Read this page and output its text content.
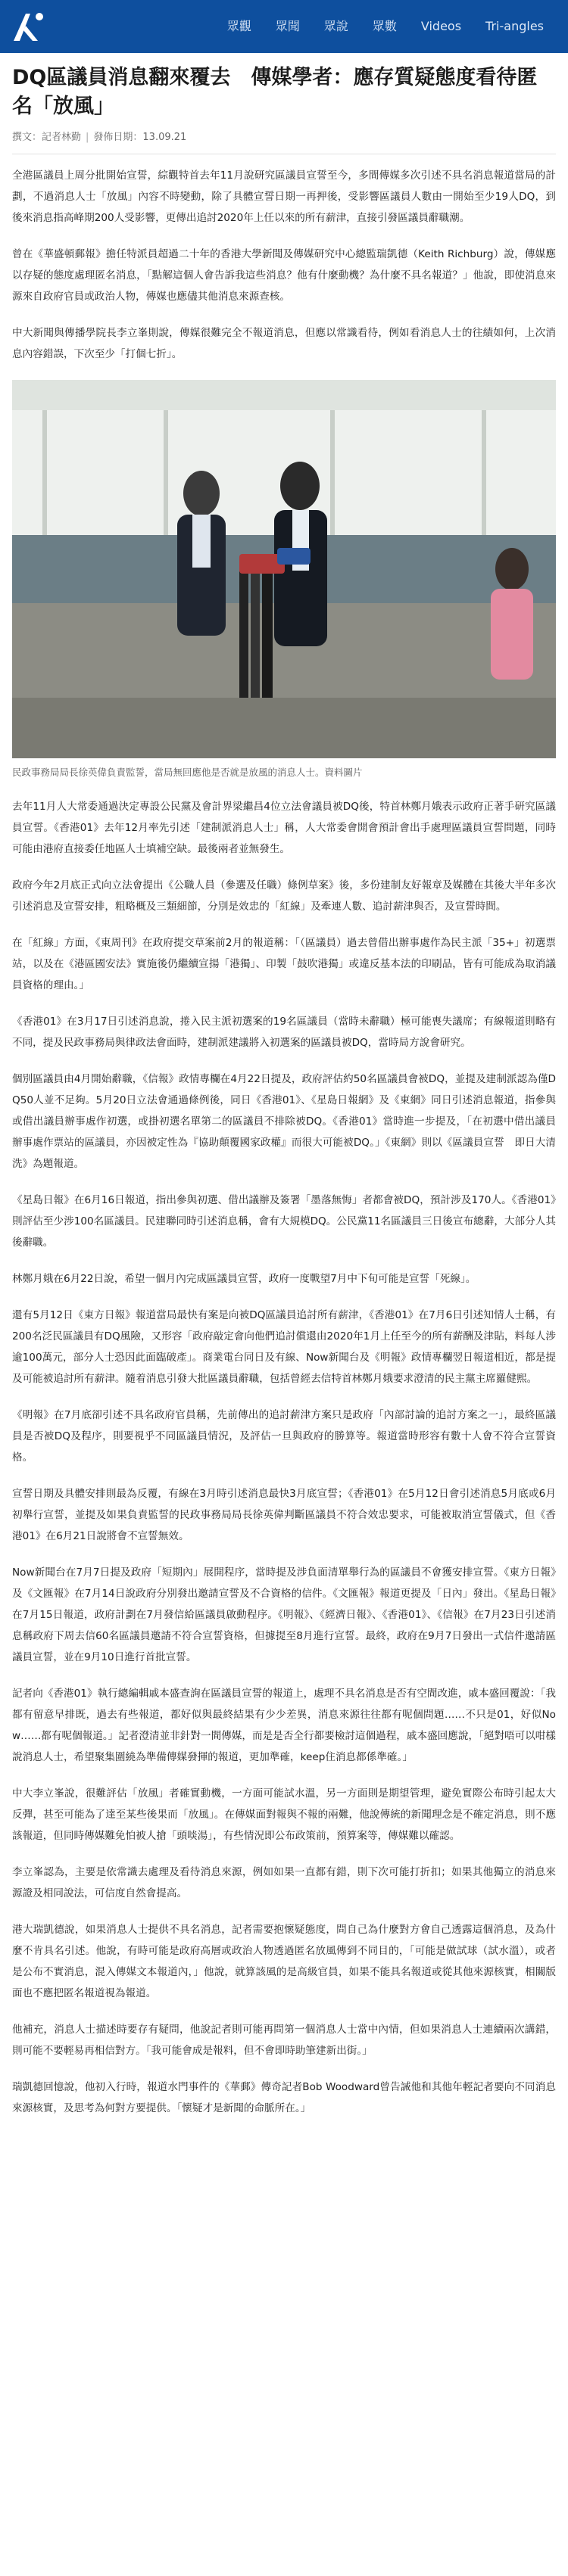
眾觀	眾聞	眾說	眾數	Videos	Tri-angles
DQ區議員消息翻來覆去　傳媒學者：應存質疑態度看待匿名「放風」
撰文：記者林勤 | 發佈日期：13.09.21

全港區議員上周分批開始宣誓，綜觀特首去年11月說研究區議員宣誓至今，多間傳媒多次引述不具名消息報道當局的計劃，不過消息人士「放風」內容不時變動，除了具體宣誓日期一再押後，受影響區議員人數由一開始至少19人DQ，到後來消息指高峰期200人受影響，更傳出追討2020年上任以來的所有薪津，直接引發區議員辭職潮。

曾在《華盛頓郵報》擔任特派員超過二十年的香港大學新聞及傳媒研究中心總監瑞凱德（Keith Richburg）說，傳媒應以存疑的態度處理匿名消息，「點解這個人會告訴我這些消息？他有什麼動機？為什麼不具名報道？」他說，即使消息來源來自政府官員或政治人物，傳媒也應儘其他消息來源查核。

中大新聞與傳播學院長李立峯則說，傳媒很難完全不報道消息，但應以常識看待，例如看消息人士的往績如何，上次消息內容錯誤，下次至少「打個七折」。

民政事務局局長徐英偉負責監誓，當局無回應他是否就是放風的消息人士。資料圖片

去年11月人大常委通過決定專設公民黨及會計界梁繼昌4位立法會議員被DQ後，特首林鄭月娥表示政府正著手研究區議員宣誓。《香港01》去年12月率先引述「建制派消息人士」稱，人大常委會開會預計會出手處理區議員宣誓問題，同時可能由港府直接委任地區人士填補空缺。最後兩者並無發生。

政府今年2月底正式向立法會提出《公職人員（參選及任職）條例草案》後，多份建制友好報章及媒體在其後大半年多次引述消息及宣誓安排，粗略概及三類細節，分別是效忠的「紅線」及牽連人數、追討薪津與否，及宣誓時間。

在「紅線」方面，《東周刊》在政府提交草案前2月的報道稱：「（區議員）過去曾借出辦事處作為民主派「35+」初選票站，以及在《港區國安法》實施後仍繼續宣揚「港獨」、印製「鼓吹港獨」或違反基本法的印刷品，皆有可能成為取消議員資格的理由。」

《香港01》在3月17日引述消息說，捲入民主派初選案的19名區議員（當時未辭職）極可能喪失議席；有線報道則略有不同，提及民政事務局與律政法會面時，建制派建議將入初選案的區議員被DQ，當時局方說會研究。

個別區議員由4月開始辭職，《信報》政情專欄在4月22日提及，政府評估約50名區議員會被DQ，並提及建制派認為僅DQ50人並不足夠。5月20日立法會通過條例後，同日《香港01》、《星島日報網》及《東網》同日引述消息報道，指參與或借出議員辦事處作初選，或掛初選名單第二的區議員不排除被DQ。《香港01》當時進一步提及，「在初選中借出議員辦事處作票站的區議員，亦因被定性為『協助顛覆國家政權』而很大可能被DQ。」《東網》則以《區議員宣誓　即日大清洗》為題報道。

《星島日報》在6月16日報道，指出參與初選、借出議辦及簽署「墨落無悔」者都會被DQ，預計涉及170人。《香港01》則評估至少涉100名區議員。民建聯同時引述消息稱，會有大規模DQ。公民黨11名區議員三日後宣布總辭，大部分人其後辭職。

林鄭月娥在6月22日說，希望一個月內完成區議員宣誓，政府一度戰望7月中下旬可能是宣誓「死線」。

還有5月12日《東方日報》報道當局最快有案是向被DQ區議員追討所有薪津，《香港01》在7月6日引述知情人士稱，有200名泛民區議員有DQ風險，又形容「政府敲定會向他們追討償還由2020年1月上任至今的所有薪酬及津貼，料每人涉逾100萬元，部分人士恐因此面臨破產」。商業電台同日及有線、Now新聞台及《明報》政情專欄翌日報道相近，都是提及可能被追討所有薪津。隨着消息引發大批區議員辭職，包括曾經去信特首林鄭月娥要求澄清的民主黨主席羅健熙。

《明報》在7月底卻引述不具名政府官員稱，先前傳出的追討薪津方案只是政府「內部討論的追討方案之一」，最終區議員是否被DQ及程序，則要視乎不同區議員情況，及評估一旦與政府的勝算等。報道當時形容有數十人會不符合宣誓資格。

宣誓日期及具體安排則最為反覆，有線在3月時引述消息最快3月底宣誓；《香港01》在5月12日會引述消息5月底或6月初舉行宣誓，並提及如果負責監誓的民政事務局局長徐英偉判斷區議員不符合效忠要求，可能被取消宣誓儀式，但《香港01》在6月21日說將會不宣誓無效。

Now新聞台在7月7日提及政府「短期內」展開程序，當時提及涉負面清單舉行為的區議員不會獲安排宣誓。《東方日報》及《文匯報》在7月14日說政府分別發出邀請宣誓及不合資格的信件。《文匯報》報道更提及「日內」發出。《星島日報》在7月15日報道，政府計劃在7月發信給區議員啟動程序。《明報》、《經濟日報》、《香港01》、《信報》在7月23日引述消息稱政府下周去信60名區議員邀請不符合宣誓資格，但據提至8月進行宣誓。最終，政府在9月7日發出一式信件邀請區議員宣誓，並在9月10日進行首批宣誓。

記者向《香港01》執行總編輯戚本盛查詢在區議員宣誓的報道上，處理不具名消息是否有空間改進，戚本盛回覆說：「我都有留意早排既，過去有些報道，都好似與最終結果有少少差異，消息來源往往都有呢個問題……不只是01，好似Now……都有呢個報道。」記者澄清並非針對一間傳媒，而是是否全行都要檢討這個過程，戚本盛回應說，「絕對唔可以咁樣說消息人士，希望聚集圍繞為準備傳媒發揮的報道，更加準確，keep住消息都係準確。」

中大李立峯說，很難評估「放風」者確實動機，一方面可能試水溫，另一方面則是期望管理，避免實際公布時引起太大反彈，甚至可能為了達至某些後果而「放風」。在傳媒面對報與不報的兩難，他說傳統的新聞理念是不確定消息，則不應該報道，但同時傳媒難免怕被人搶「頭啖湯」，有些情況即公布政策前，預算案等，傳媒難以確認。

李立峯認為，主要是依常識去處理及看待消息來源，例如如果一直都有錯，則下次可能打折扣；如果其他獨立的消息來源證及相同說法，可信度自然會提高。

港大瑞凱德說，如果消息人士提供不具名消息，記者需要抱懷疑態度，問自己為什麼對方會自己透露這個消息，及為什麼不肯具名引述。他說，有時可能是政府高層或政治人物透過匿名放風傳到不同目的，「可能是做試球（試水溫），或者是公布不實消息，混入傳媒文本報道內，」他說，就算該風的是高級官員，如果不能具名報道或從其他來源核實，相關版面也不應把匿名報道視為報道。

他補充，消息人士描述時要存有疑問，他說記者則可能再問第一個消息人士當中內情，但如果消息人士連續兩次講錯，則可能不要輕易再相信對方。「我可能會成是報料，但不會即時助筆建新出街。」

瑞凱德回憶說，他初入行時，報道水門事件的《華郵》傳奇記者Bob Woodward曾告誡他和其他年輕記者要向不同消息來源核實，及思考為何對方要提供。「懷疑才是新聞的命脈所在。」
